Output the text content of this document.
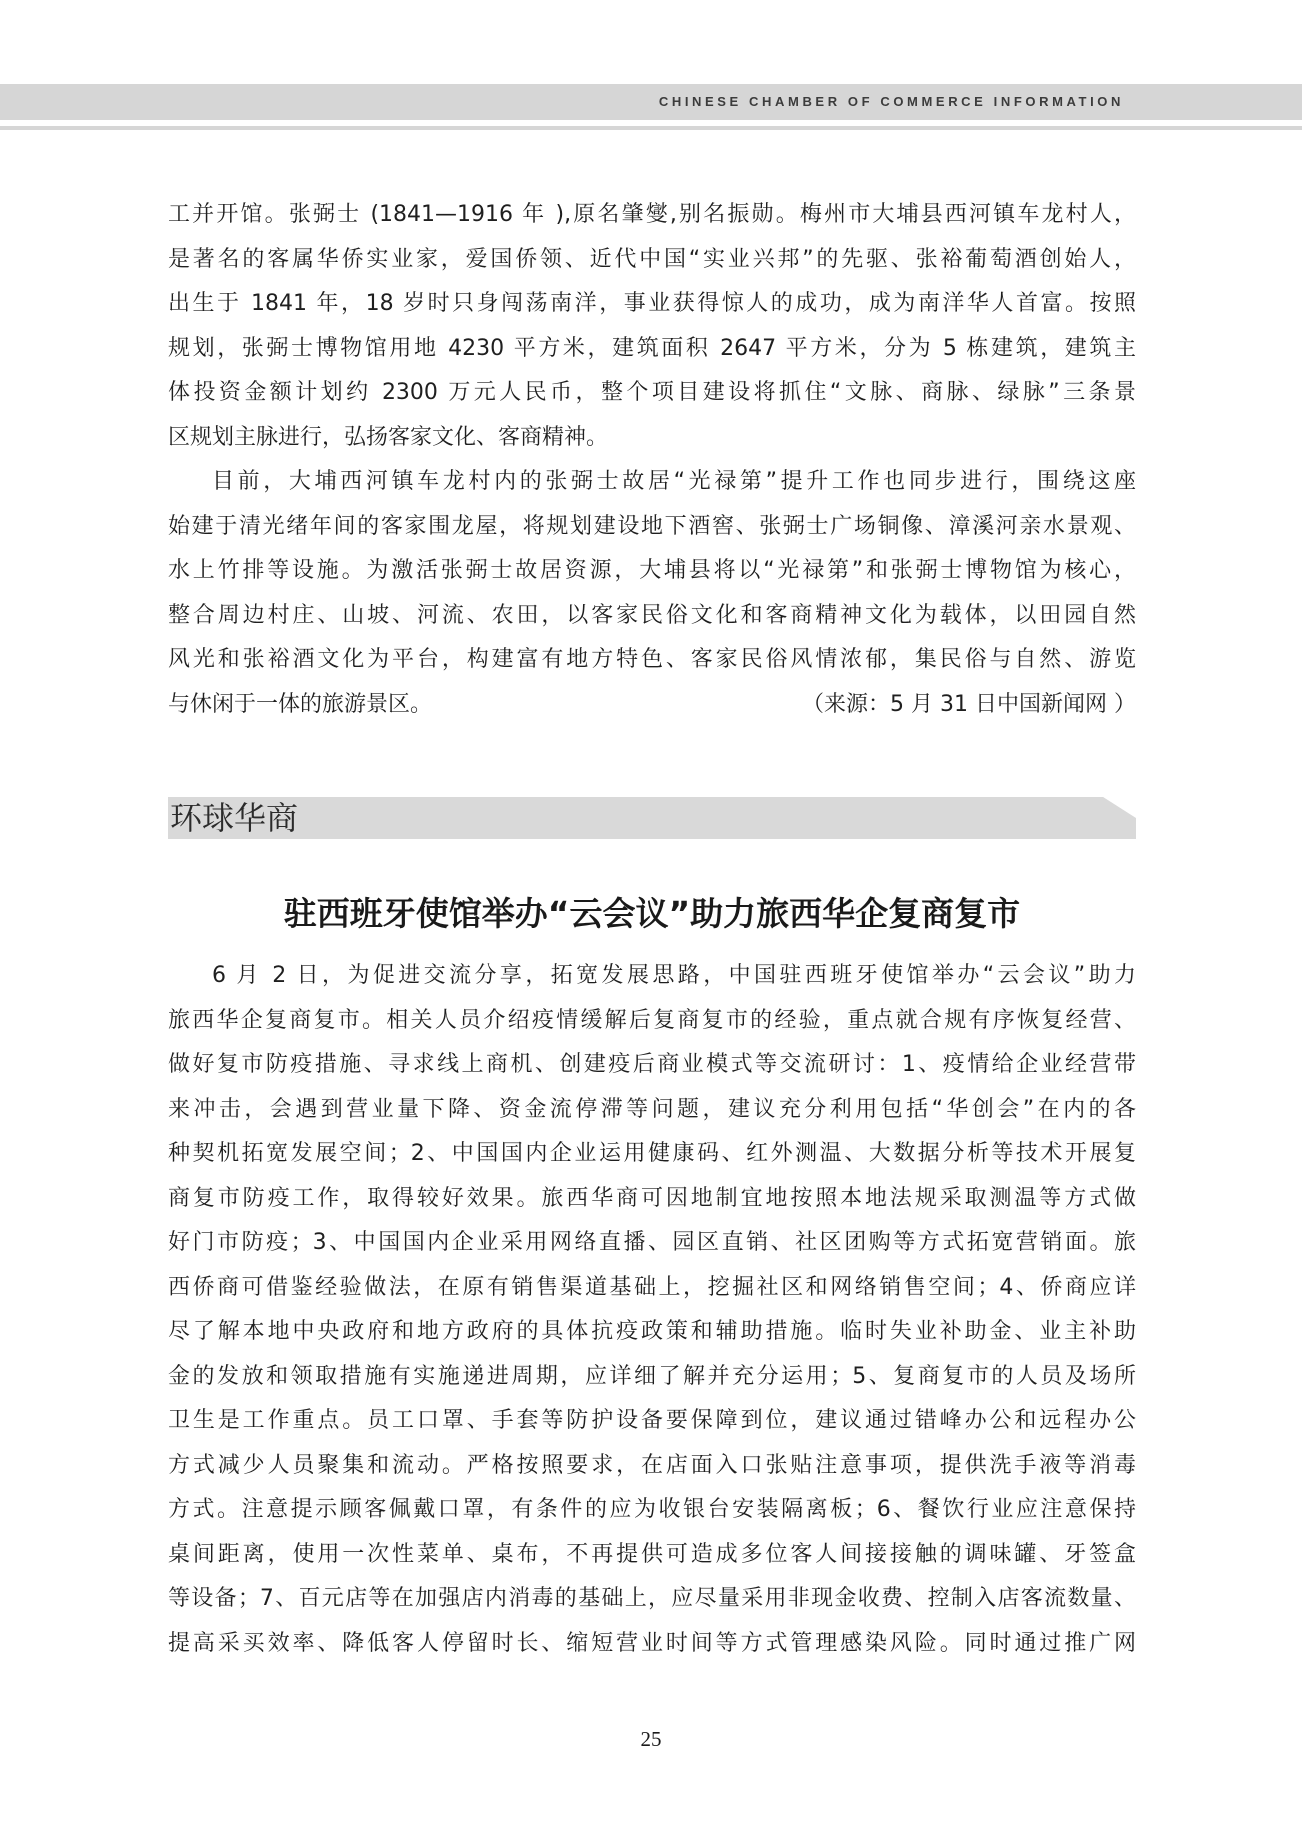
CHINESE CHAMBER OF COMMERCE INFORMATION
工并开馆。张弼士 (1841—1916 年 ),原名肇燮,别名振勋。梅州市大埔县西河镇车龙村人，
是著名的客属华侨实业家，爱国侨领、近代中国“实业兴邦”的先驱、张裕葡萄酒创始人，
出生于 1841 年，18 岁时只身闯荡南洋，事业获得惊人的成功，成为南洋华人首富。按照
规划，张弼士博物馆用地 4230 平方米，建筑面积 2647 平方米，分为 5 栋建筑，建筑主
体投资金额计划约 2300 万元人民币，整个项目建设将抓住“文脉、商脉、绿脉”三条景
区规划主脉进行，弘扬客家文化、客商精神。
目前，大埔西河镇车龙村内的张弼士故居“光禄第”提升工作也同步进行，围绕这座
始建于清光绪年间的客家围龙屋，将规划建设地下酒窖、张弼士广场铜像、漳溪河亲水景观、
水上竹排等设施。为激活张弼士故居资源，大埔县将以“光禄第”和张弼士博物馆为核心，
整合周边村庄、山坡、河流、农田，以客家民俗文化和客商精神文化为载体，以田园自然
风光和张裕酒文化为平台，构建富有地方特色、客家民俗风情浓郁，集民俗与自然、游览
与休闲于一体的旅游景区。	（来源：5 月 31 日中国新闻网 ）
环球华商
驻西班牙使馆举办“云会议”助力旅西华企复商复市
6 月 2 日，为促进交流分享，拓宽发展思路，中国驻西班牙使馆举办“云会议”助力
旅西华企复商复市。相关人员介绍疫情缓解后复商复市的经验，重点就合规有序恢复经营、
做好复市防疫措施、寻求线上商机、创建疫后商业模式等交流研讨：1、疫情给企业经营带
来冲击，会遇到营业量下降、资金流停滞等问题，建议充分利用包括“华创会”在内的各
种契机拓宽发展空间；2、中国国内企业运用健康码、红外测温、大数据分析等技术开展复
商复市防疫工作，取得较好效果。旅西华商可因地制宜地按照本地法规采取测温等方式做
好门市防疫；3、中国国内企业采用网络直播、园区直销、社区团购等方式拓宽营销面。旅
西侨商可借鉴经验做法，在原有销售渠道基础上，挖掘社区和网络销售空间；4、侨商应详
尽了解本地中央政府和地方政府的具体抗疫政策和辅助措施。临时失业补助金、业主补助
金的发放和领取措施有实施递进周期，应详细了解并充分运用；5、复商复市的人员及场所
卫生是工作重点。员工口罩、手套等防护设备要保障到位，建议通过错峰办公和远程办公
方式减少人员聚集和流动。严格按照要求，在店面入口张贴注意事项，提供洗手液等消毒
方式。注意提示顾客佩戴口罩，有条件的应为收银台安装隔离板；6、餐饮行业应注意保持
桌间距离，使用一次性菜单、桌布，不再提供可造成多位客人间接接触的调味罐、牙签盒
等设备；7、百元店等在加强店内消毒的基础上，应尽量采用非现金收费、控制入店客流数量、
提高采买效率、降低客人停留时长、缩短营业时间等方式管理感染风险。同时通过推广网
25
